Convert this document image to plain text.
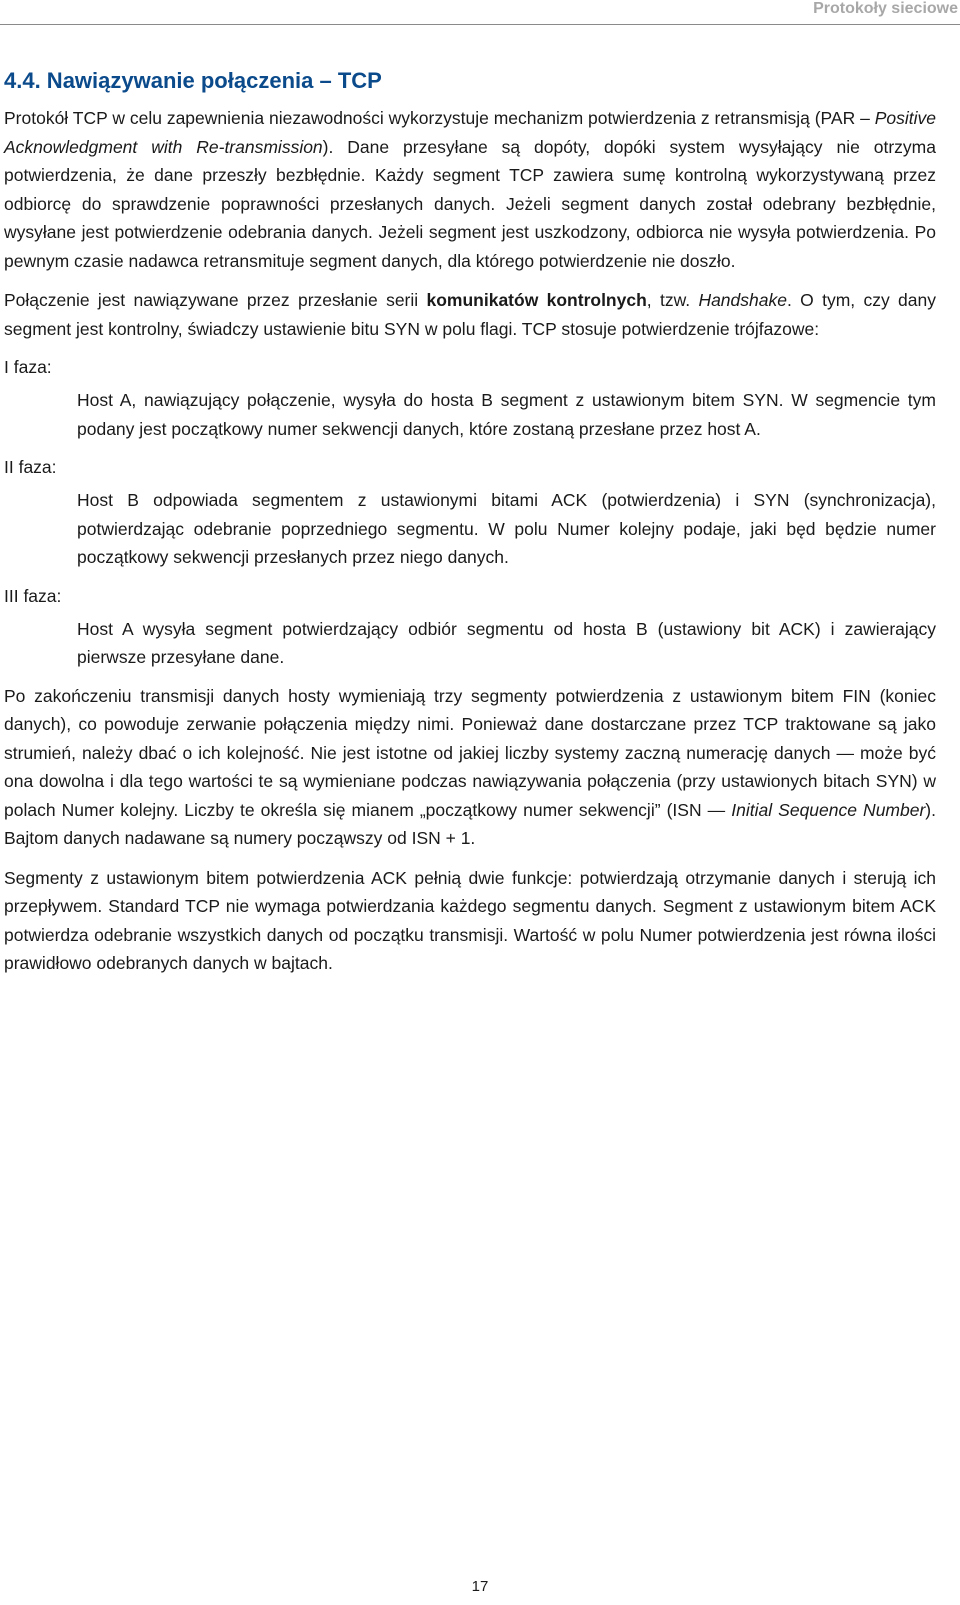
Protokoły sieciowe
4.4. Nawiązywanie połączenia – TCP

Protokół TCP w celu zapewnienia niezawodności wykorzystuje mechanizm potwierdzenia z retransmisją (PAR – Positive Acknowledgment with Re-transmission). Dane przesyłane są dopóty, dopóki system wysyłający nie otrzyma potwierdzenia, że dane przeszły bezbłędnie. Każdy segment TCP zawiera sumę kontrolną wykorzystywaną przez odbiorcę do sprawdzenie poprawności przesłanych danych. Jeżeli segment danych został odebrany bezbłędnie, wysyłane jest potwierdzenie odebrania danych. Jeżeli segment jest uszkodzony, odbiorca nie wysyła potwierdzenia. Po pewnym czasie nadawca retransmituje segment danych, dla którego potwierdzenie nie doszło.

Połączenie jest nawiązywane przez przesłanie serii komunikatów kontrolnych, tzw. Handshake. O tym, czy dany segment jest kontrolny, świadczy ustawienie bitu SYN w polu flagi. TCP stosuje potwierdzenie trójfazowe:

I faza:
Host A, nawiązujący połączenie, wysyła do hosta B segment z ustawionym bitem SYN. W segmencie tym podany jest początkowy numer sekwencji danych, które zostaną przesłane przez host A.
II faza:
Host B odpowiada segmentem z ustawionymi bitami ACK (potwierdzenia) i SYN (synchronizacja), potwierdzając odebranie poprzedniego segmentu. W polu Numer kolejny podaje, jaki będ będzie numer początkowy sekwencji przesłanych przez niego danych.
III faza:
Host A wysyła segment potwierdzający odbiór segmentu od hosta B (ustawiony bit ACK) i zawierający pierwsze przesyłane dane.

Po zakończeniu transmisji danych hosty wymieniają trzy segmenty potwierdzenia z ustawionym bitem FIN (koniec danych), co powoduje zerwanie połączenia między nimi. Ponieważ dane dostarczane przez TCP traktowane są jako strumień, należy dbać o ich kolejność. Nie jest istotne od jakiej liczby systemy zaczną numerację danych — może być ona dowolna i dla tego wartości te są wymieniane podczas nawiązywania połączenia (przy ustawionych bitach SYN) w polach Numer kolejny. Liczby te określa się mianem „początkowy numer sekwencji” (ISN — Initial Sequence Number). Bajtom danych nadawane są numery począwszy od ISN + 1.

Segmenty z ustawionym bitem potwierdzenia ACK pełnią dwie funkcje: potwierdzają otrzymanie danych i sterują ich przepływem. Standard TCP nie wymaga potwierdzania każdego segmentu danych. Segment z ustawionym bitem ACK potwierdza odebranie wszystkich danych od początku transmisji. Wartość w polu Numer potwierdzenia jest równa ilości prawidłowo odebranych danych w bajtach.

17
